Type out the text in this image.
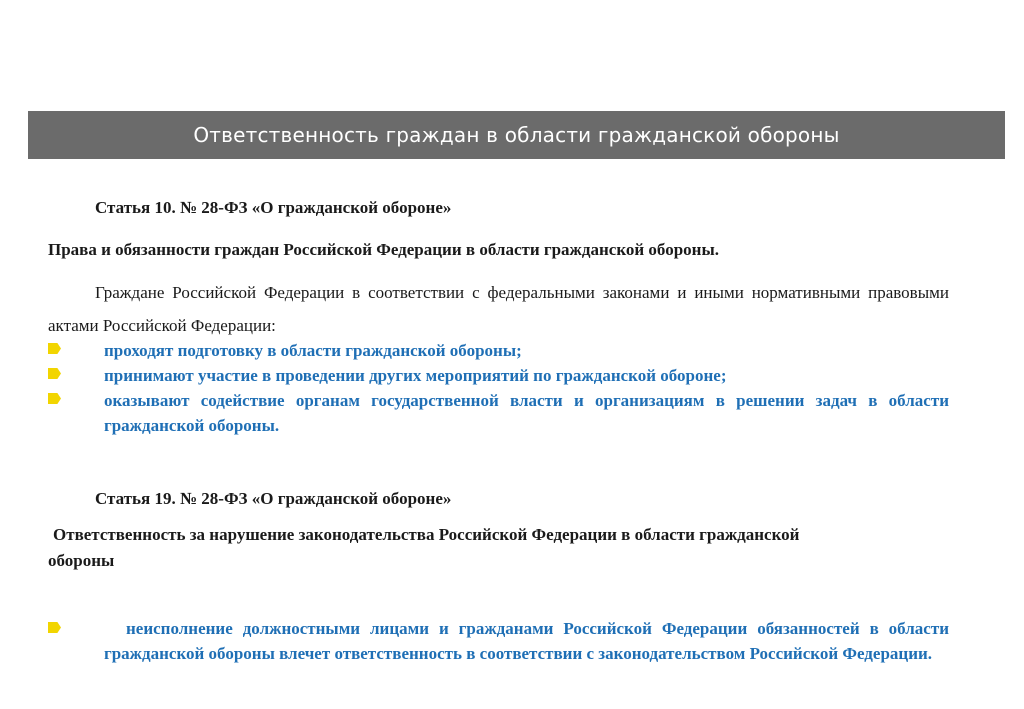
Ответственность граждан в области гражданской обороны
Статья 10. № 28-ФЗ «О гражданской обороне»
Права и обязанности граждан Российской Федерации в области гражданской обороны.
Граждане Российской Федерации в соответствии с федеральными законами и иными нормативными правовыми актами Российской Федерации:
проходят подготовку в области гражданской обороны;
принимают участие в проведении других мероприятий по гражданской обороне;
оказывают содействие органам государственной власти и организациям в решении задач в области гражданской обороны.
Статья 19. № 28-ФЗ «О гражданской обороне»
Ответственность за нарушение законодательства Российской Федерации в области гражданской обороны
неисполнение должностными лицами и гражданами Российской Федерации обязанностей в области гражданской обороны влечет ответственность в соответствии с законодательством Российской Федерации.
